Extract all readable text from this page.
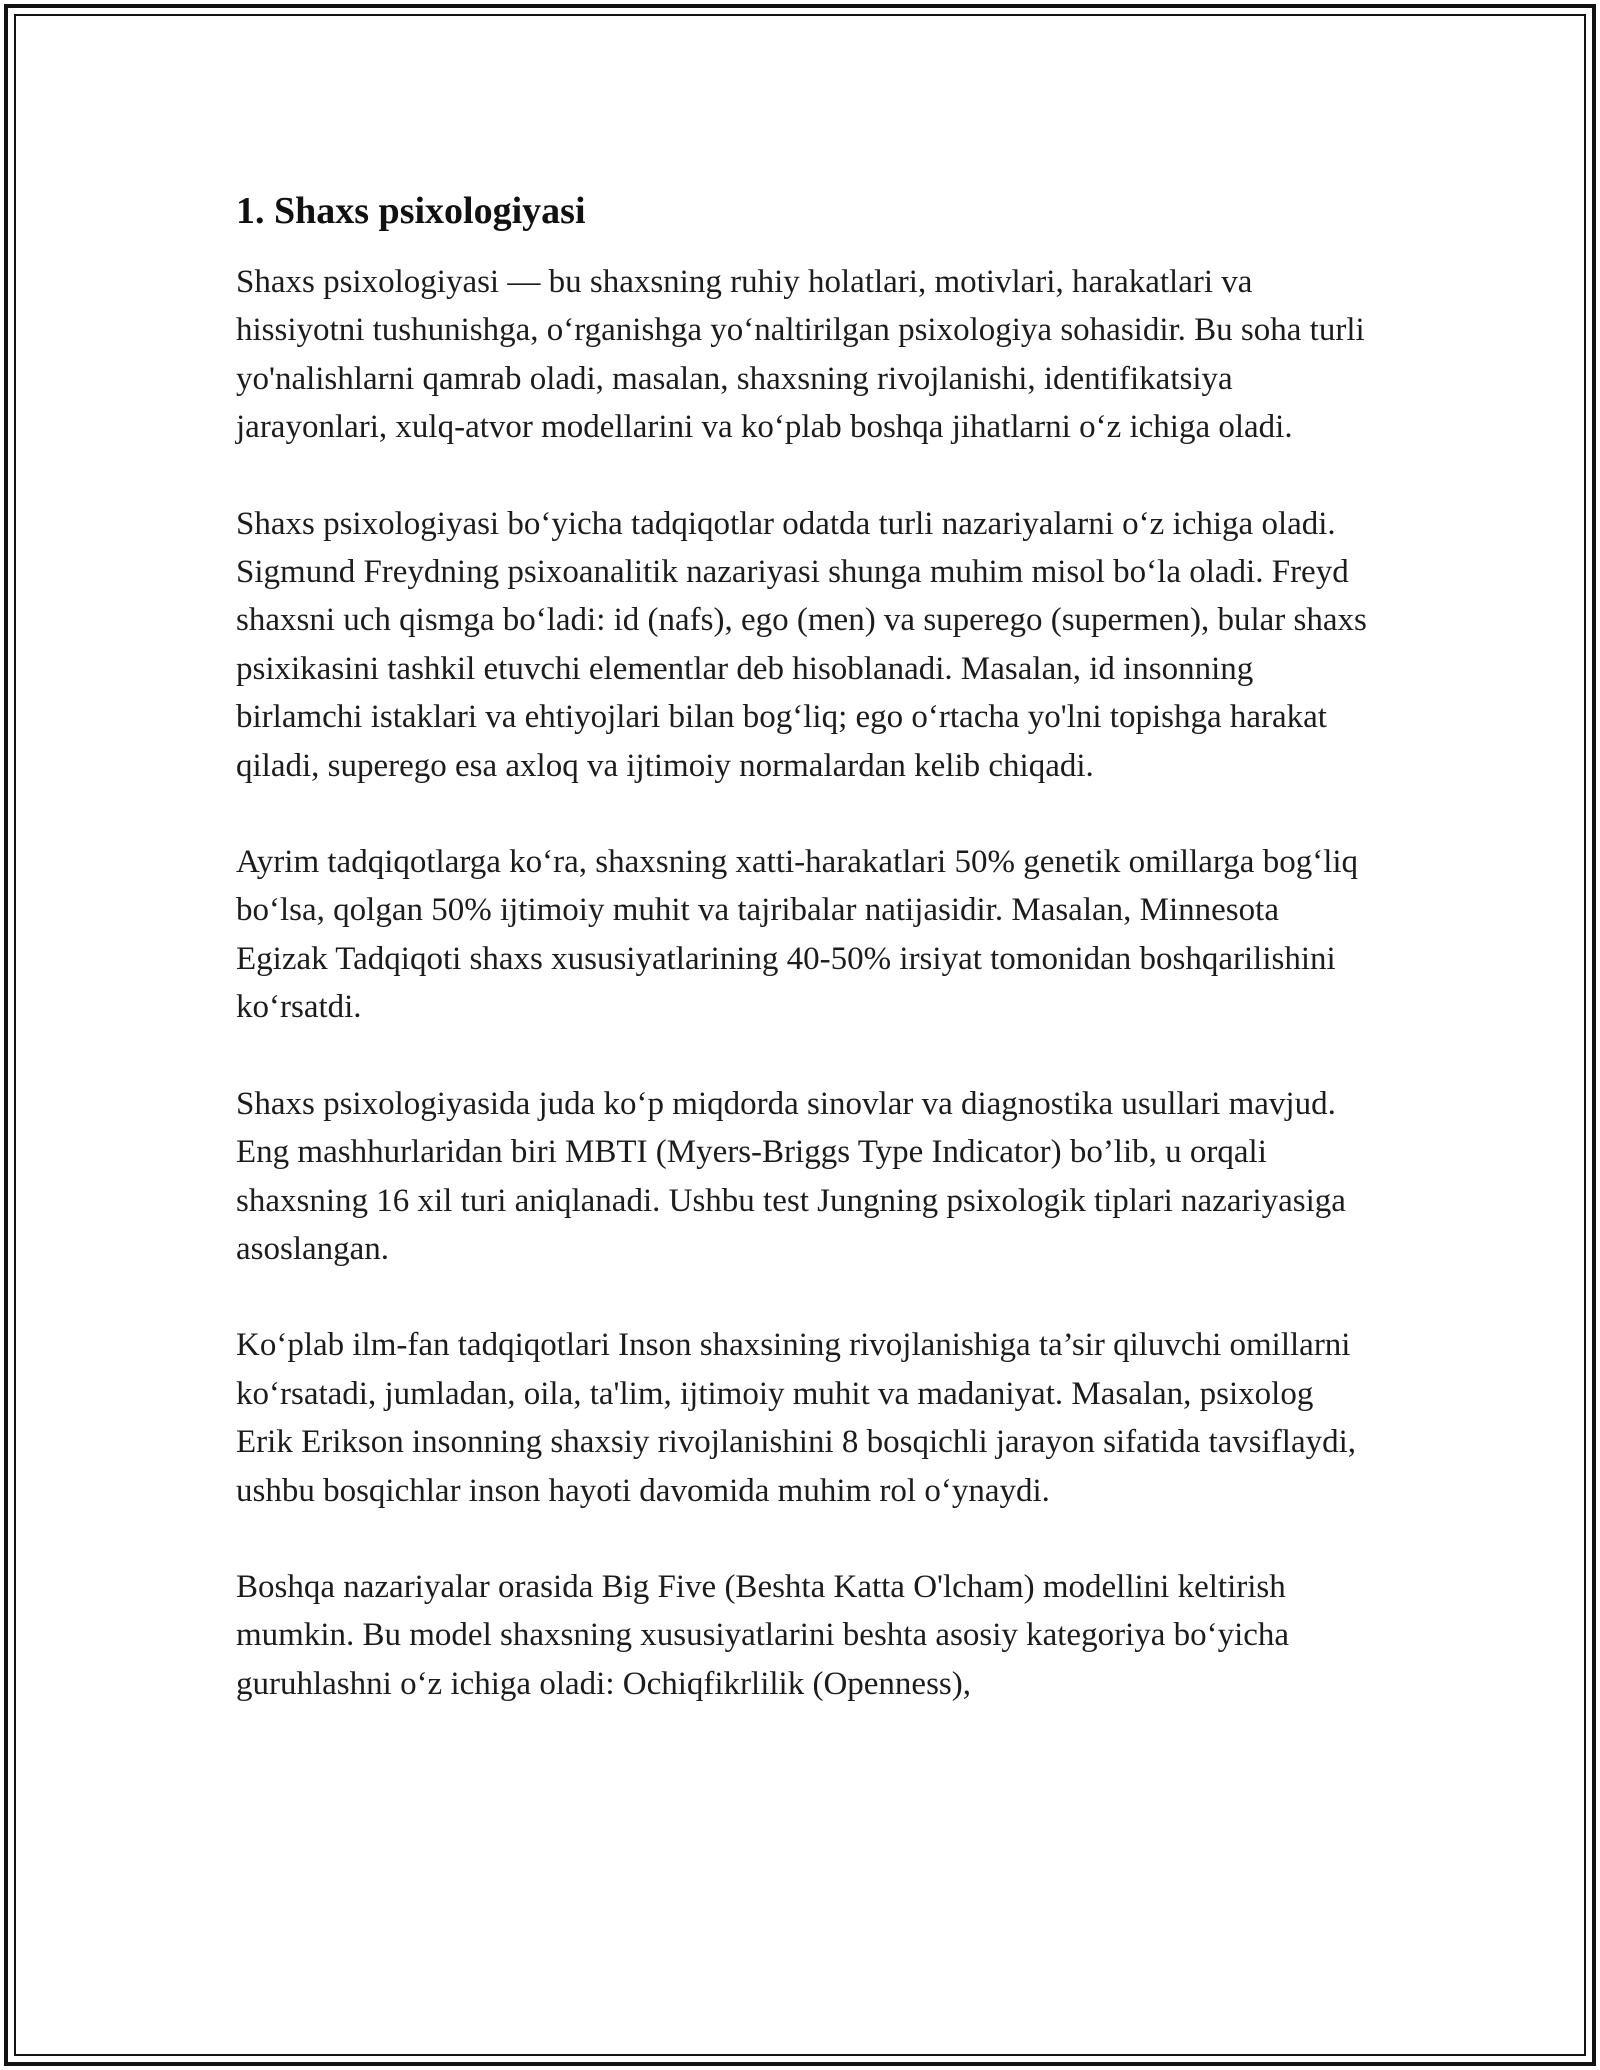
1. Shaxs psixologiyasi

Shaxs psixologiyasi — bu shaxsning ruhiy holatlari, motivlari, harakatlari va hissiyotni tushunishga, oʻrganishga yoʻnaltirilgan psixologiya sohasidir. Bu soha turli yo'nalishlarni qamrab oladi, masalan, shaxsning rivojlanishi, identifikatsiya jarayonlari, xulq-atvor modellarini va koʻplab boshqa jihatlarni oʻz ichiga oladi.

Shaxs psixologiyasi boʻyicha tadqiqotlar odatda turli nazariyalarni oʻz ichiga oladi. Sigmund Freydning psixoanalitik nazariyasi shunga muhim misol boʻla oladi. Freyd shaxsni uch qismga boʻladi: id (nafs), ego (men) va superego (supermen), bular shaxs psixikasini tashkil etuvchi elementlar deb hisoblanadi. Masalan, id insonning birlamchi istaklari va ehtiyojlari bilan bogʻliq; ego oʻrtacha yo'lni topishga harakat qiladi, superego esa axloq va ijtimoiy normalardan kelib chiqadi.

Ayrim tadqiqotlarga koʻra, shaxsning xatti-harakatlari 50% genetik omillarga bogʻliq boʻlsa, qolgan 50% ijtimoiy muhit va tajribalar natijasidir. Masalan, Minnesota Egizak Tadqiqoti shaxs xususiyatlarining 40-50% irsiyat tomonidan boshqarilishini koʻrsatdi.

Shaxs psixologiyasida juda koʻp miqdorda sinovlar va diagnostika usullari mavjud. Eng mashhurlaridan biri MBTI (Myers-Briggs Type Indicator) bo’lib, u orqali shaxsning 16 xil turi aniqlanadi. Ushbu test Jungning psixologik tiplari nazariyasiga asoslangan.

Koʻplab ilm-fan tadqiqotlari Inson shaxsining rivojlanishiga ta’sir qiluvchi omillarni koʻrsatadi, jumladan, oila, ta'lim, ijtimoiy muhit va madaniyat. Masalan, psixolog Erik Erikson insonning shaxsiy rivojlanishini 8 bosqichli jarayon sifatida tavsiflaydi, ushbu bosqichlar inson hayoti davomida muhim rol oʻynaydi.

Boshqa nazariyalar orasida Big Five (Beshta Katta O'lcham) modellini keltirish mumkin. Bu model shaxsning xususiyatlarini beshta asosiy kategoriya boʻyicha guruhlashni oʻz ichiga oladi: Ochiqfikrlilik (Openness),
